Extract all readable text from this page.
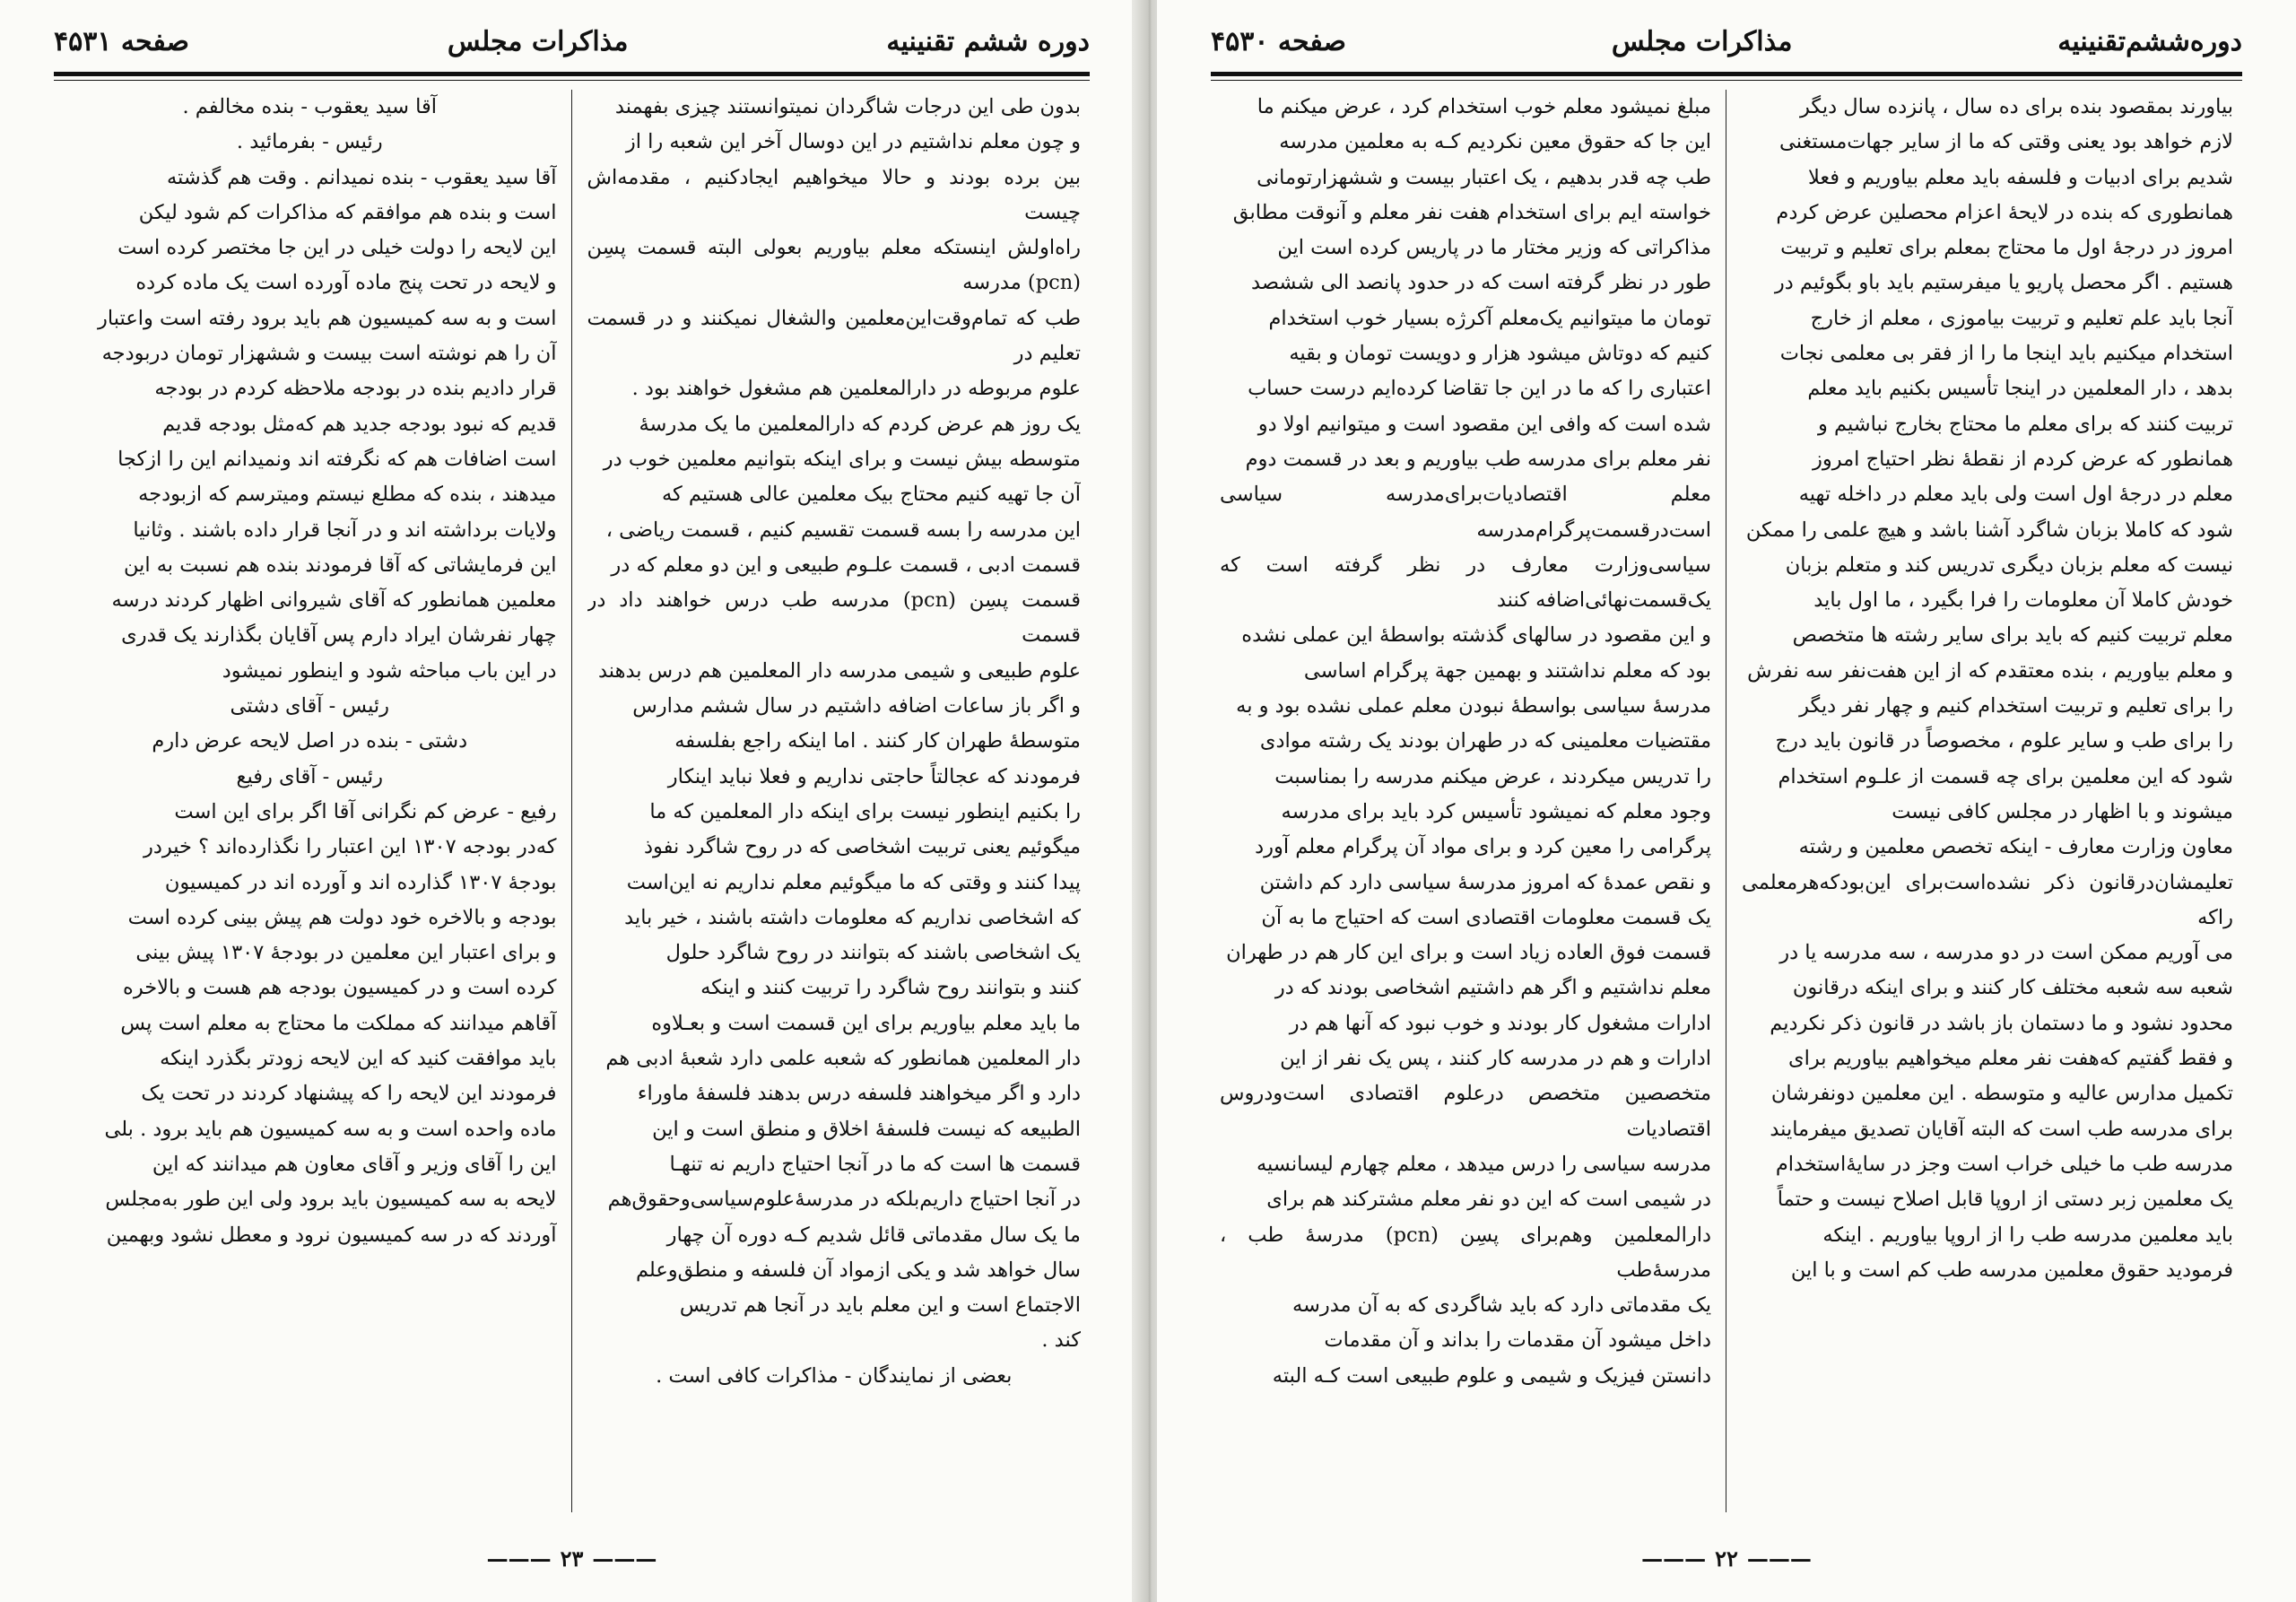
دوره ششم تقنینیه
مذاکرات مجلس
صفحه ۴۵۳۱

بدون طی این درجات شاگردان نمیتوانستند چیزی بفهمند

و چون معلم نداشتیم در این دوسال آخر این شعبه را از

بین برده بودند و حالا میخواهیم ایجادکنیم ، مقدمه‌اش چیست

راه‌اولش اینستکه معلم بیاوریم بعولی البته قسمت پسِن (pcn) مدرسه

طب که تمام‌وقت‌این‌معلمین والشغال نمیکنند و در قسمت تعلیم در

علوم مربوطه در دارالمعلمین هم مشغول خواهند بود .

یک روز هم عرض کردم که دارالمعلمین ما یک مدرسهٔ

متوسطه بیش نیست و برای اینکه بتوانیم معلمین خوب در

آن جا تهیه کنیم محتاج بیک معلمین عالی هستیم که

این مدرسه را بسه قسمت تقسیم کنیم ، قسمت ریاضی ،

قسمت ادبی ، قسمت علـوم طبیعی و این دو معلم که در

قسمت پسِن (pcn) مدرسه طب درس خواهند داد در قسمت

علوم طبیعی و شیمی مدرسه دار المعلمین هم درس بدهند

و اگر باز ساعات اضافه داشتیم در سال ششم مدارس

متوسطهٔ طهران کار کنند . اما اینکه راجع بفلسفه

فرمودند که عجالتاً حاجتی نداریم و فعلا نباید اینکار

را بکنیم اینطور نیست برای اینکه دار المعلمین که ما

میگوئیم یعنی تربیت اشخاصی که در روح شاگرد نفوذ

پیدا کنند و وقتی که ما میگوئیم معلم نداریم نه این‌است

که اشخاصی نداریم که معلومات داشته باشند ، خیر باید

یک اشخاصی باشند که بتوانند در روح شاگرد حلول

کنند و بتوانند روح شاگرد را تربیت کنند و اینکه

ما باید معلم بیاوریم برای این قسمت است و بعـلاوه

دار المعلمین همانطور که شعبه علمی دارد شعبهٔ ادبی هم

دارد و اگر میخواهند فلسفه درس بدهند فلسفهٔ ماوراء

الطبیعه که نیست فلسفهٔ اخلاق و منطق است و این

قسمت ها است که ما در آنجا احتیاج داریم نه تنهـا

در آنجا احتیاج داریم‌بلکه در مدرسهٔ‌علوم‌سیاسی‌وحقوق‌هم

ما یک سال مقدماتی قائل شدیم کـه دوره آن چهار

سال خواهد شد و یکی ازمواد آن فلسفه و منطق‌وعلم

الاجتماع است و این معلم باید در آنجا هم تدریس

کند .

بعضی از نمایندگان - مذاکرات کافی است .

آقا سید یعقوب - بنده مخالفم .

رئیس - بفرمائید .

آقا سید یعقوب - بنده نمیدانم . وقت هم گذشته

است و بنده هم موافقم که مذاکرات کم شود لیکن

این لایحه را دولت خیلی در این جا مختصر کرده است

و لایحه در تحت پنج ماده آورده است یک ماده کرده

است و به سه کمیسیون هم باید برود رفته است واعتبار

آن را هم نوشته است بیست و ششهزار تومان دربودجه

قرار دادیم بنده در بودجه ملاحظه کردم در بودجه

قدیم که نبود بودجه جدید هم که‌مثل بودجه قدیم

است اضافات هم که نگرفته اند ونمیدانم این را ازکجا

میدهند ، بنده که مطلع نیستم ومیترسم که ازبودجه

ولایات برداشته اند و در آنجا قرار داده باشند . وثانیا

این فرمایشاتی که آقا فرمودند بنده هم نسبت به این

معلمین همانطور که آقای شیروانی اظهار کردند درسه

چهار نفرشان ایراد دارم پس آقایان بگذارند یک قدری

در این باب مباحثه شود و اینطور نمیشود

رئیس - آقای دشتی

دشتی - بنده در اصل لایحه عرض دارم

رئیس - آقای رفیع

رفیع - عرض کم نگرانی آقا اگر برای این است

که‌در بودجه ۱۳۰۷ این اعتبار را نگذارده‌اند ؟ خیر‌در

بودجهٔ ۱۳۰۷ گذارده اند و آورده اند در کمیسیون

بودجه و بالاخره خود دولت هم پیش بینی کرده است

و برای اعتبار این معلمین در بودجهٔ ۱۳۰۷ پیش بینی

کرده است و در کمیسیون بودجه هم هست و بالاخره

آقاهم میدانند که مملکت ما محتاج به معلم است پس

باید موافقت کنید که این لایحه زودتر بگذرد اینکه

فرمودند این لایحه را که پیشنهاد کردند در تحت یک

ماده واحده است و به سه کمیسیون هم باید برود . بلی

این را آقای وزیر و آقای معاون هم میدانند که این

لایحه به سه کمیسیون باید برود ولی این طور به‌مجلس

آوردند که در سه کمیسیون نرود و معطل نشود وبهمین

——— ۲۳ ———
دوره‌ششم‌تقنینیه
مذاکرات مجلس
صفحه ۴۵۳۰

بیاورند بمقصود بنده برای ده سال ، پانزده سال دیگر

لازم خواهد بود یعنی وقتی که ما از سایر جهات‌مستغنی

شدیم برای ادبیات و فلسفه باید معلم بیاوریم و فعلا

همانطوری که بنده در لایحهٔ اعزام محصلین عرض کردم

امروز در درجهٔ اول ما محتاج بمعلم برای تعلیم و تربیت

هستیم . اگر محصل پاریو یا میفرستیم باید باو بگوئیم در

آنجا باید علم تعلیم و تربیت بیاموزی ، معلم از خارج

استخدام میکنیم باید اینجا ما را از فقر بی معلمی نجات

بدهد ، دار المعلمین در اینجا تأسیس بکنیم باید معلم

تربیت کنند که برای معلم ما محتاج بخارج نباشیم و

همانطور که عرض کردم از نقطهٔ نظر احتیاج امروز

معلم در درجهٔ اول است ولی باید معلم در داخله تهیه

شود که کاملا بزبان شاگرد آشنا باشد و هیچ علمی را ممکن

نیست که معلم بزبان دیگری تدریس کند و متعلم بزبان

خودش کاملا آن معلومات را فرا بگیرد ، ما اول باید

معلم تربیت کنیم که باید برای سایر رشته ها متخصص

و معلم بیاوریم ، بنده معتقدم که از این هفت‌نفر سه نفرش

را برای تعلیم و تربیت استخدام کنیم و چهار نفر دیگر

را برای طب و سایر علوم ، مخصوصاً در قانون باید درج

شود که این معلمین برای چه قسمت از علـوم استخدام

میشوند و با اظهار در مجلس کافی نیست

معاون وزارت معارف - اینکه تخصص معلمین و رشته

تعلیمشان‌درقانون ذکر نشده‌است‌برای این‌بود‌که‌هر‌معلمی را‌که

می آوریم ممکن است در دو مدرسه ، سه مدرسه یا در

شعبه سه شعبه مختلف کار کنند و برای اینکه درقانون

محدود نشود و ما دستمان باز باشد در قانون ذکر نکردیم

و فقط گفتیم که‌هفت نفر معلم میخواهیم بیاوریم برای

تکمیل مدارس عالیه و متوسطه . این معلمین دونفرشان

برای مدرسه طب است که البته آقایان تصدیق میفرمایند

مدرسه طب ما خیلی خراب است وجز در سایهٔ‌استخدام

یک معلمین زبر دستی از اروپا قابل اصلاح نیست و حتماً

باید معلمین مدرسه طب را از اروپا بیاوریم . اینکه

فرمودید حقوق معلمین مدرسه طب کم است و با این

مبلغ نمیشود معلم خوب استخدام کرد ، عرض میکنم ما

این جا که حقوق معین نکردیم کـه به معلمین مدرسه

طب چه قدر بدهیم ، یک اعتبار بیست و ششهزارتومانی

خواسته ایم برای استخدام هفت نفر معلم و آنوقت مطابق

مذاکراتی که وزیر مختار ما در پاریس کرده است این

طور در نظر گرفته است که در حدود پانصد الی ششصد

تومان ما میتوانیم یک‌معلم آکرژه بسیار خوب استخدام

کنیم که دوتاش میشود هزار و دویست تومان و بقیه

اعتباری را که ما در این جا تقاضا کرده‌ایم درست حساب

شده است که وافی این مقصود است و میتوانیم اولا دو

نفر معلم برای مدرسه طب بیاوریم و بعد در قسمت دوم

معلم اقتصادیات‌برای‌مدرسه سیاسی است‌در‌قسمت‌پر‌گرام‌مدرسه

سیاسی‌وزارت معارف در نظر گرفته است که یک‌قسمت‌نهائی‌اضافه کنند

و این مقصود در سالهای گذشته بواسطهٔ این عملی نشده

بود که معلم نداشتند و بهمین جهة پرگرام اساسی

مدرسهٔ سیاسی بواسطهٔ نبودن معلم عملی نشده بود و به

مقتضیات معلمینی که در طهران بودند یک رشته موادی

را تدریس میکردند ، عرض میکنم مدرسه را بمناسبت

وجود معلم که نمیشود تأسیس کرد باید برای مدرسه

پرگرامی را معین کرد و برای مواد آن پرگرام معلم آورد

و نقص عمدهٔ که امروز مدرسهٔ سیاسی دارد کم داشتن

یک قسمت معلومات اقتصادی است که احتیاج ما به آن

قسمت فوق العاده زیاد است و برای این کار هم در طهران

معلم نداشتیم و اگر هم داشتیم اشخاصی بودند که در

ادارات مشغول کار بودند و خوب نبود که آنها هم در

ادارات و هم در مدرسه کار کنند ، پس یک نفر از این

متخصصین متخصص درعلوم اقتصادی است‌ودروس اقتصادیات

مدرسه سیاسی را درس میدهد ، معلم چهارم لیسانسیه

در شیمی است که این دو نفر معلم مشترکند هم برای

دارالمعلمین وهم‌برای پسِن (pcn) مدرسهٔ طب ، مدرسهٔ‌طب

یک مقدماتی دارد که باید شاگردی که به آن مدرسه

داخل میشود آن مقدمات را بداند و آن مقدمات

دانستن فیزیک و شیمی و علوم طبیعی است کـه البته

——— ۲۲ ———
